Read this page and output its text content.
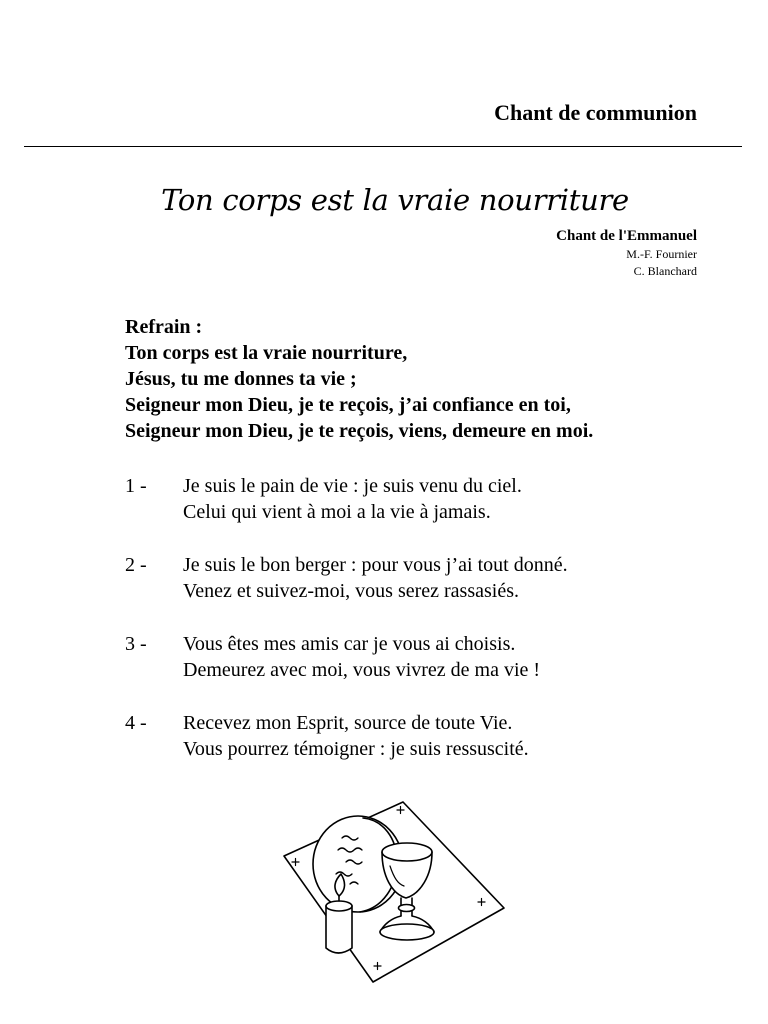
Chant de communion
Ton corps est la vraie nourriture
Chant de l'Emmanuel
M.-F. Fournier
C. Blanchard
Refrain :
Ton corps est la vraie nourriture,
Jésus, tu me donnes ta vie ;
Seigneur mon Dieu, je te reçois, j’ai confiance en toi,
Seigneur mon Dieu, je te reçois, viens, demeure en moi.
1 -	Je suis le pain de vie : je suis venu du ciel.
Celui qui vient à moi a la vie à jamais.
2 -	Je suis le bon berger : pour vous j’ai tout donné.
Venez et suivez-moi, vous serez rassasiés.
3 -	Vous êtes mes amis car je vous ai choisis.
Demeurez avec moi, vous vivrez de ma vie !
4 -	Recevez mon Esprit, source de toute Vie.
Vous pourrez témoigner : je suis ressuscité.
